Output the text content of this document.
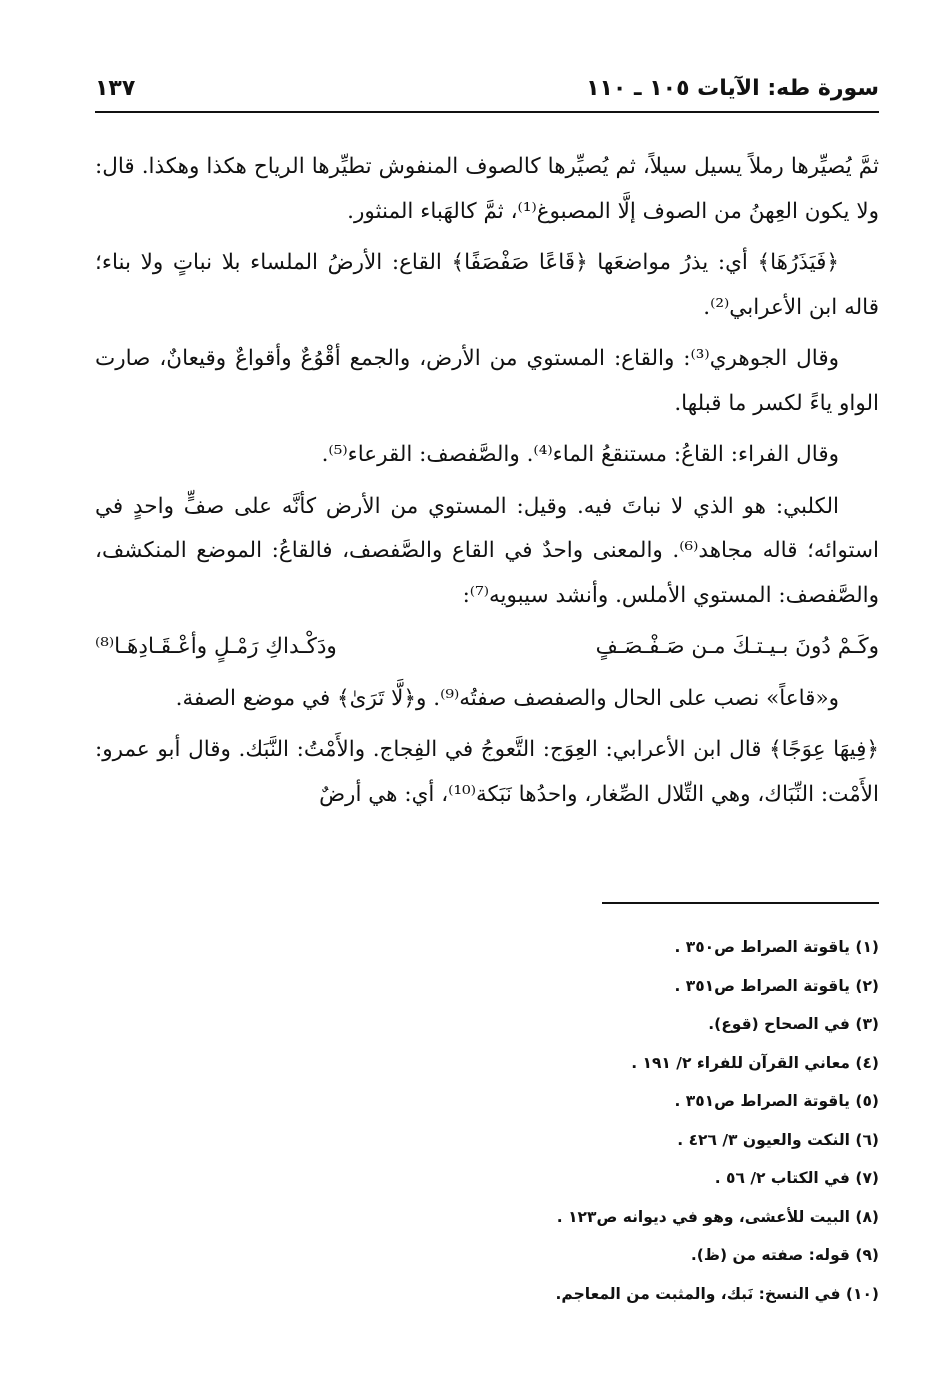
سورة طه: الآيات ١٠٥ ـ ١١٠
١٣٧

ثمَّ يُصيِّرها رملاً يسيل سيلاً، ثم يُصيِّرها كالصوف المنفوش تطيِّرها الرياح هكذا وهكذا. قال: ولا يكون العِهنُ من الصوف إلَّا المصبوغ⁽¹⁾، ثمَّ كالهَباء المنثور.

﴿فَيَذَرُهَا﴾ أي: يذرُ مواضعَها ﴿قَاعًا صَفْصَفًا﴾ القاع: الأرضُ الملساء بلا نباتٍ ولا بناء؛ قاله ابن الأعرابي⁽²⁾.

وقال الجوهري⁽³⁾: والقاع: المستوي من الأرض، والجمع أقْوُعٌ وأقواعٌ وقيعانٌ، صارت الواو ياءً لكسر ما قبلها.

وقال الفراء: القاعُ: مستنقعُ الماء⁽⁴⁾. والصَّفصف: القرعاء⁽⁵⁾.

الكلبي: هو الذي لا نباتَ فيه. وقيل: المستوي من الأرض كأنَّه على صفٍّ واحدٍ في استوائه؛ قاله مجاهد⁽⁶⁾. والمعنى واحدٌ في القاع والصَّفصف، فالقاعُ: الموضع المنكشف، والصَّفصف: المستوي الأملس. وأنشد سيبويه⁽⁷⁾:

وكَـمْ دُونَ بـيـتـكَ مـن صَـفْـصَـفٍ
ودَكْـداكِ رَمْـلٍ وأعْـقَـادِهَـا⁽⁸⁾

و«قاعاً» نصب على الحال والصفصف صفتُه⁽⁹⁾. و﴿لَّا تَرَىٰ﴾ في موضع الصفة.

﴿فِيهَا عِوَجًا﴾ قال ابن الأعرابي: العِوَج: التَّعوجُ في الفِجاج. والأَمْتُ: النَّبَك. وقال أبو عمرو: الأَمْت: النِّبَاك، وهي التِّلال الصِّغار، واحدُها نَبَكة⁽¹⁰⁾، أي: هي أرضٌ

(١) ياقوتة الصراط ص٣٥٠ .
(٢) ياقوتة الصراط ص٣٥١ .
(٣) في الصحاح (قوع).
(٤) معاني القرآن للفراء ٢/ ١٩١ .
(٥) ياقوتة الصراط ص٣٥١ .
(٦) النكت والعيون ٣/ ٤٢٦ .
(٧) في الكتاب ٢/ ٥٦ .
(٨) البيت للأعشى، وهو في ديوانه ص١٢٣ .
(٩) قوله: صفته من (ظ).
(١٠) في النسخ: نَبك، والمثبت من المعاجم.
